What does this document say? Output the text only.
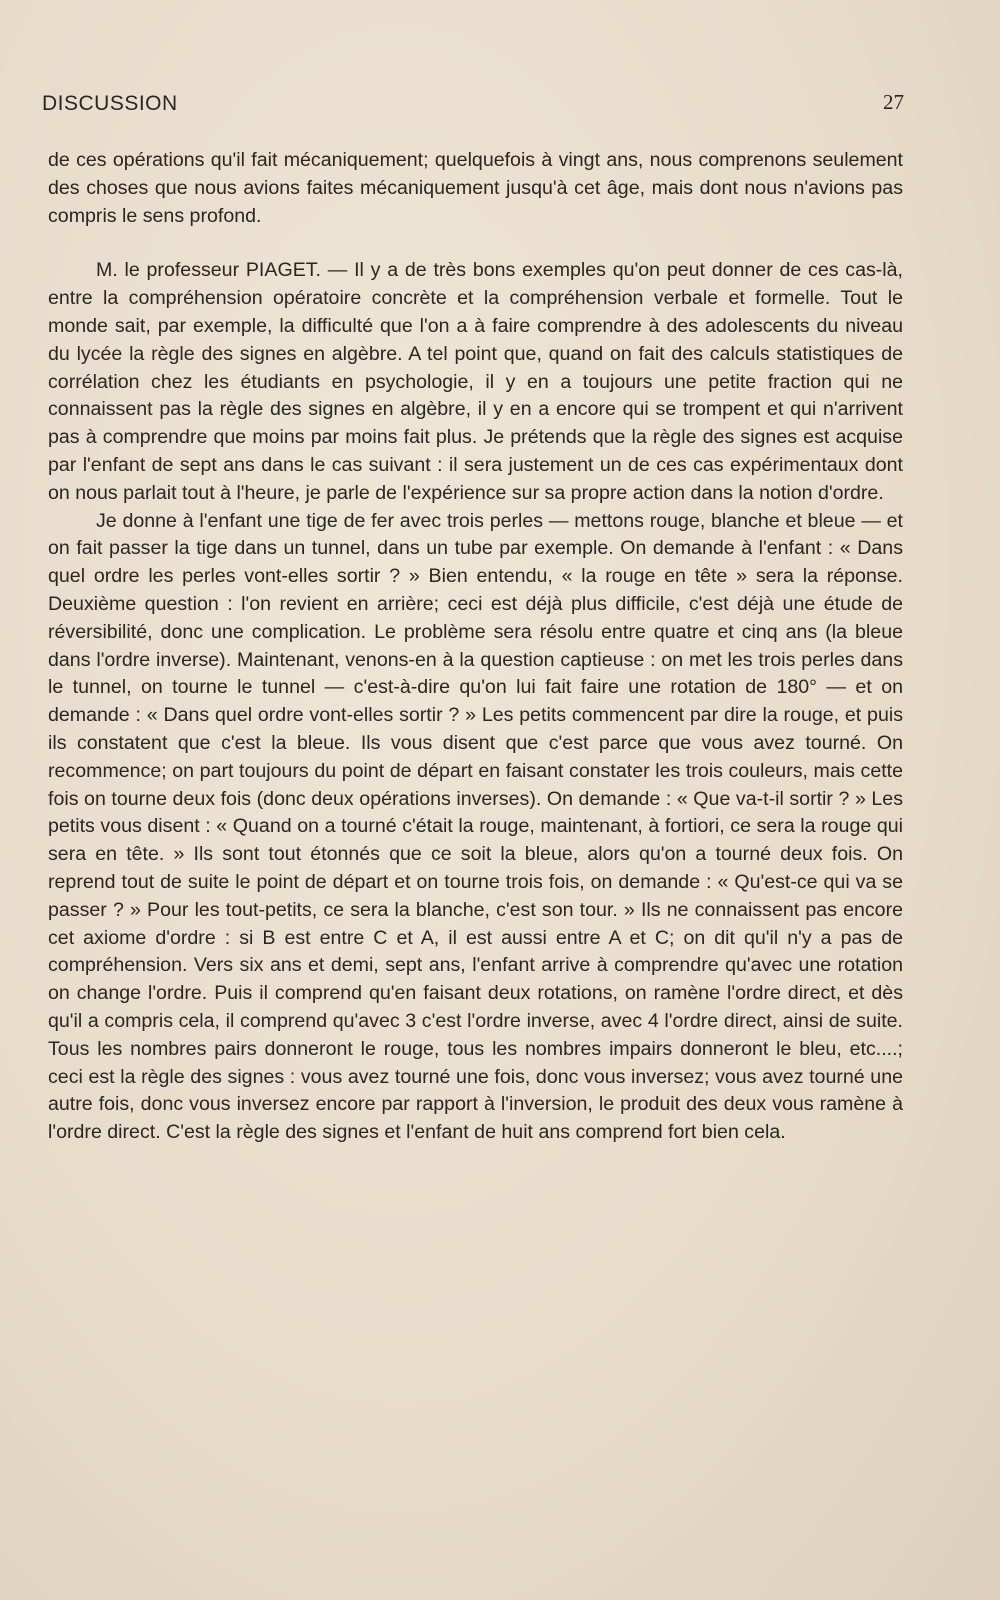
DISCUSSION	27

de ces opérations qu'il fait mécaniquement; quelquefois à vingt ans, nous comprenons seulement des choses que nous avions faites mécaniquement jusqu'à cet âge, mais dont nous n'avions pas compris le sens profond.

M. le professeur PIAGET. — Il y a de très bons exemples qu'on peut donner de ces cas-là, entre la compréhension opératoire concrète et la compréhension verbale et formelle. Tout le monde sait, par exemple, la difficulté que l'on a à faire comprendre à des adolescents du niveau du lycée la règle des signes en algèbre. A tel point que, quand on fait des calculs statistiques de corrélation chez les étudiants en psychologie, il y en a toujours une petite fraction qui ne connaissent pas la règle des signes en algèbre, il y en a encore qui se trompent et qui n'arrivent pas à comprendre que moins par moins fait plus. Je prétends que la règle des signes est acquise par l'enfant de sept ans dans le cas suivant : il sera justement un de ces cas expérimentaux dont on nous parlait tout à l'heure, je parle de l'expérience sur sa propre action dans la notion d'ordre.

Je donne à l'enfant une tige de fer avec trois perles — mettons rouge, blanche et bleue — et on fait passer la tige dans un tunnel, dans un tube par exemple. On demande à l'enfant : « Dans quel ordre les perles vont-elles sortir ? » Bien entendu, « la rouge en tête » sera la réponse. Deuxième question : l'on revient en arrière; ceci est déjà plus difficile, c'est déjà une étude de réversibilité, donc une complication. Le problème sera résolu entre quatre et cinq ans (la bleue dans l'ordre inverse). Maintenant, venons-en à la question captieuse : on met les trois perles dans le tunnel, on tourne le tunnel — c'est-à-dire qu'on lui fait faire une rotation de 180° — et on demande : « Dans quel ordre vont-elles sortir ? » Les petits commencent par dire la rouge, et puis ils constatent que c'est la bleue. Ils vous disent que c'est parce que vous avez tourné. On recommence; on part toujours du point de départ en faisant constater les trois couleurs, mais cette fois on tourne deux fois (donc deux opérations inverses). On demande : « Que va-t-il sortir ? » Les petits vous disent : « Quand on a tourné c'était la rouge, maintenant, à fortiori, ce sera la rouge qui sera en tête. » Ils sont tout étonnés que ce soit la bleue, alors qu'on a tourné deux fois. On reprend tout de suite le point de départ et on tourne trois fois, on demande : « Qu'est-ce qui va se passer ? » Pour les tout-petits, ce sera la blanche, c'est son tour. » Ils ne connaissent pas encore cet axiome d'ordre : si B est entre C et A, il est aussi entre A et C; on dit qu'il n'y a pas de compréhension. Vers six ans et demi, sept ans, l'enfant arrive à comprendre qu'avec une rotation on change l'ordre. Puis il comprend qu'en faisant deux rotations, on ramène l'ordre direct, et dès qu'il a compris cela, il comprend qu'avec 3 c'est l'ordre inverse, avec 4 l'ordre direct, ainsi de suite. Tous les nombres pairs donneront le rouge, tous les nombres impairs donneront le bleu, etc....; ceci est la règle des signes : vous avez tourné une fois, donc vous inversez; vous avez tourné une autre fois, donc vous inversez encore par rapport à l'inversion, le produit des deux vous ramène à l'ordre direct. C'est la règle des signes et l'enfant de huit ans comprend fort bien cela.
